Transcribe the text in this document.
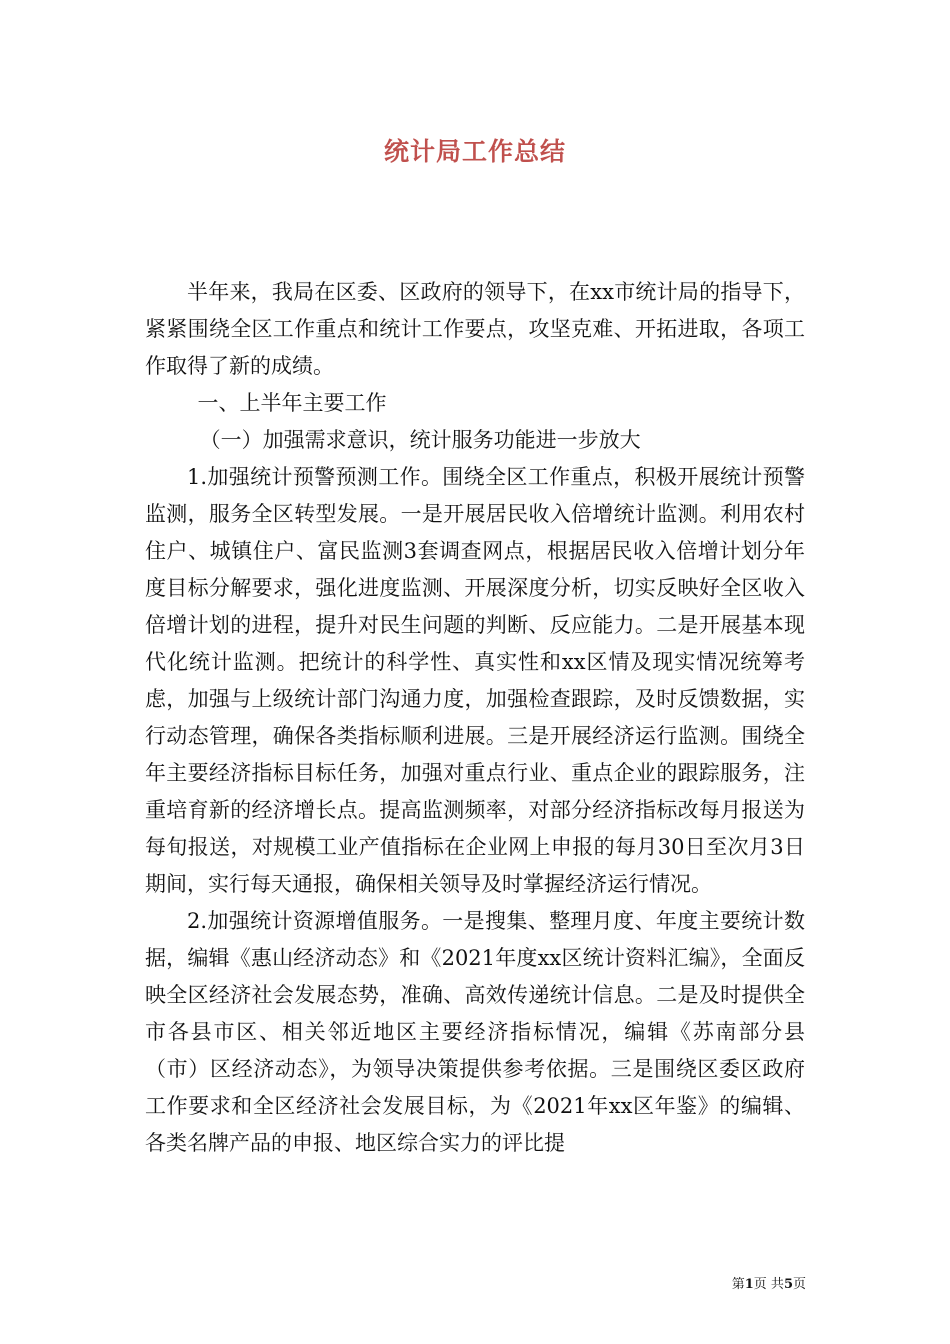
统计局工作总结

半年来，我局在区委、区政府的领导下，在xx市统计局的指导下，紧紧围绕全区工作重点和统计工作要点，攻坚克难、开拓进取，各项工作取得了新的成绩。

一、上半年主要工作

（一）加强需求意识，统计服务功能进一步放大

1.加强统计预警预测工作。围绕全区工作重点，积极开展统计预警监测，服务全区转型发展。一是开展居民收入倍增统计监测。利用农村住户、城镇住户、富民监测3套调查网点，根据居民收入倍增计划分年度目标分解要求，强化进度监测、开展深度分析，切实反映好全区收入倍增计划的进程，提升对民生问题的判断、反应能力。二是开展基本现代化统计监测。把统计的科学性、真实性和xx区情及现实情况统筹考虑，加强与上级统计部门沟通力度，加强检查跟踪，及时反馈数据，实行动态管理，确保各类指标顺利进展。三是开展经济运行监测。围绕全年主要经济指标目标任务，加强对重点行业、重点企业的跟踪服务，注重培育新的经济增长点。提高监测频率，对部分经济指标改每月报送为每旬报送，对规模工业产值指标在企业网上申报的每月30日至次月3日期间，实行每天通报，确保相关领导及时掌握经济运行情况。

2.加强统计资源增值服务。一是搜集、整理月度、年度主要统计数据，编辑《惠山经济动态》和《2021年度xx区统计资料汇编》，全面反映全区经济社会发展态势，准确、高效传递统计信息。二是及时提供全市各县市区、相关邻近地区主要经济指标情况，编辑《苏南部分县（市）区经济动态》，为领导决策提供参考依据。三是围绕区委区政府工作要求和全区经济社会发展目标，为《2021年xx区年鉴》的编辑、各类名牌产品的申报、地区综合实力的评比提

第1页 共5页
